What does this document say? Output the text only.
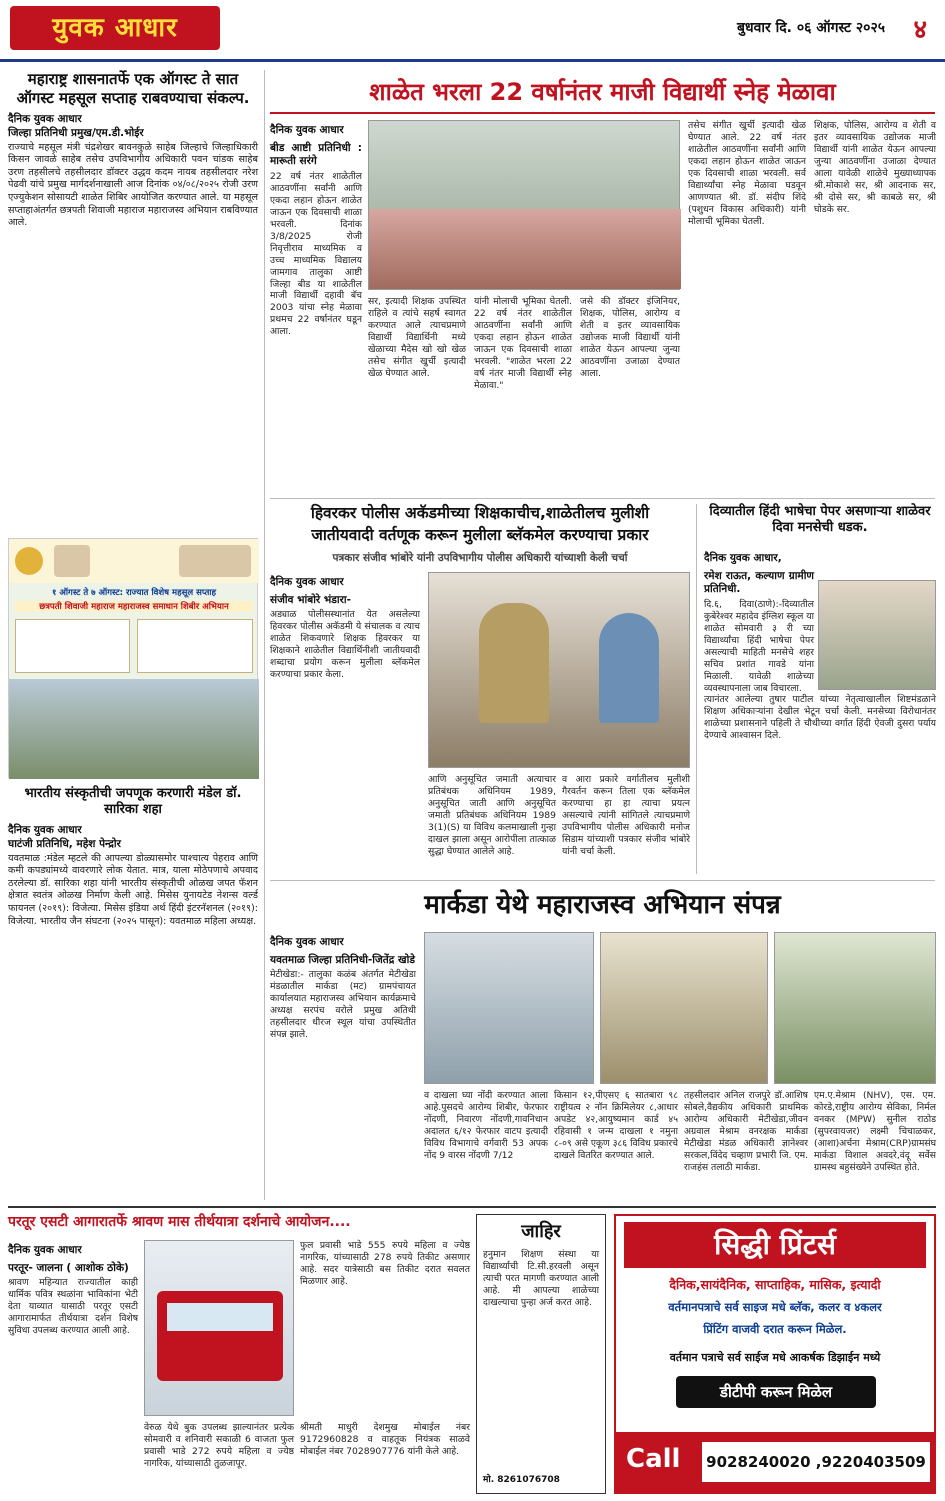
युवक आधार	बुधवार दि. ०६ ऑगस्ट २०२५ ४
महाराष्ट्र शासनातर्फे एक ऑगस्ट ते सात ऑगस्ट महसूल सप्ताह राबवण्याचा संकल्प.
दैनिक युवक आधार
जिल्हा प्रतिनिधी प्रमुख/एम.डी.भोईर
राज्याचे महसूल मंत्री चंद्रशेखर बावनकुळे साहेब जिल्हाचे जिल्हाधिकारी किसन जावळे साहेब तसेच उपविभागीय अधिकारी पवन चांडक साहेब उरण तहसीलचे तहसीलदार डॉक्टर उद्धव कदम नायब तहसीलदार नरेश पेढवी यांचे प्रमुख मार्गदर्शनाखाली आज दिनांक ०४/०८/२०२५ रोजी उरण एज्युकेशन सोसायटी शाळेत शिबिर आयोजित करण्यात आले. या महसूल सप्ताहाअंतर्गत छत्रपती शिवाजी महाराज महाराजस्व अभियान राबविण्यात आले.
१ ऑगस्ट ते ७ ऑगस्ट: राज्यात विशेष महसूल सप्ताह
छत्रपती शिवाजी महाराज महाराजस्व समाधान शिबीर अभियान
भारतीय संस्कृतीची जपणूक करणारी मंडेल डॉ. सारिका शहा
दैनिक युवक आधार
घाटंजी प्रतिनिधि, महेश पेन्द्रोर
यवतमाळ :मंडेल म्हटले की आपल्या डोळ्यासमोर पाश्चात्य पेहराव आणि कमी कपड्यांमध्ये वावरणारे लोक येतात. मात्र, याला मोठेपणाचे अपवाद ठरलेल्या डॉ. सारिका शहा यांनी भारतीय संस्कृतीची ओळख जपत फॅशन क्षेत्रात स्वतंत्र ओळख निर्माण केली आहे. मिसेस युनायटेड नेशन्स वर्ल्ड फायनल (२०१९): विजेत्या. मिसेस इंडिया अर्थ हिंदी इंटरनॅशनल (२०१९): विजेत्या. भारतीय जैन संघटना (२०२५ पासून): यवतमाळ महिला अध्यक्ष.
शाळेत भरला 22 वर्षानंतर माजी विद्यार्थी स्नेह मेळावा
दैनिक युवक आधार
बीड आष्टी प्रतिनिधी : मारूती सरंगे
22 वर्ष नंतर शाळेतील आठवणींना सर्वांनी आणि एकदा लहान होऊन शाळेत जाऊन एक दिवसाची शाळा भरवली. दिनांक 3/8/2025 रोजी निवृत्तीराव माध्यमिक व उच्च माध्यमिक विद्यालय जामगाव तालुका आष्टी जिल्हा बीड या शाळेतील माजी विद्यार्थी दहावी बॅच 2003 यांचा स्नेह मेळावा प्रथमच 22 वर्षानंतर घडून आला.
सर, इत्यादी शिक्षक उपस्थित राहिले व त्यांचे सहर्ष स्वागत करण्यात आले त्याचप्रमाणे विद्यार्थी विद्यार्थिनी मध्ये खेळाच्या मैदेस खो खो खेळ तसेच संगीत खुर्ची इत्यादी खेळ घेण्यात आले.
यांनी मोलाची भूमिका घेतली. 22 वर्ष नंतर शाळेतील आठवणींना सर्वांनी आणि एकदा लहान होऊन शाळेत जाऊन एक दिवसाची शाळा भरवली. "शाळेत भरला 22 वर्ष नंतर माजी विद्यार्थी स्नेह मेळावा."
जसे की डॉक्टर इंजिनियर, शिक्षक, पोलिस, आरोग्य व शेती व इतर व्यावसायिक उद्योजक माजी विद्यार्थी यांनी शाळेत येऊन आपल्या जुन्या आठवणींना उजाळा देण्यात आला.
तसेच संगीत खुर्ची इत्यादी खेळ घेण्यात आले. 22 वर्ष नंतर शाळेतील आठवणींना सर्वांनी आणि एकदा लहान होऊन शाळेत जाऊन एक दिवसाची शाळा भरवली. सर्व विद्यार्थ्यांचा स्नेह मेळावा घडवून आणण्यात श्री. डॉ. संदीप शिंदे (पशुधन विकास अधिकारी) यांनी मोलाची भूमिका घेतली.
शिक्षक, पोलिस, आरोग्य व शेती व इतर व्यावसायिक उद्योजक माजी विद्यार्थी यांनी शाळेत येऊन आपल्या जुन्या आठवणींना उजाळा देण्यात आला यावेळी शाळेचे मुख्याध्यापक श्री.मोकाशे सर, श्री आदनाक सर, श्री दोसे सर, श्री काबळे सर, श्री घोडके सर.
हिवरकर पोलीस अकॅडमीच्या शिक्षकाचीच,शाळेतीलच मुलीशी
जातीयवादी वर्तणूक करून मुलीला ब्लॅकमेल करण्याचा प्रकार
पत्रकार संजीव भांबोरे यांनी उपविभागीय पोलीस अधिकारी यांच्याशी केली चर्चा
दैनिक युवक आधार
संजीव भांबोरे भंडारा-
अड्याळ पोलीसस्थानांत येत असलेल्या हिवरकर पोलीस अकॅडमी ये संचालक व त्याच शाळेत शिकवणारे शिक्षक हिवरकर या शिक्षकाने शाळेतील विद्यार्थिनीशी जातीयवादी शब्दाचा प्रयोग करून मुलीला ब्लॅकमेल करण्याचा प्रकार केला.
आणि अनुसूचित जमाती अत्याचार प्रतिबंधक अधिनियम 1989, अनुसूचित जाती आणि अनुसूचित जमाती प्रतिबंधक अधिनियम 1989 3(1)(S) या विविध कलमाखाली गुन्हा दाखल झाला असून आरोपीला तात्काळ सुद्धा घेण्यात आलेले आहे.
व आरा प्रकारे वर्गातीलच मुलीशी गैरवर्तन करून तिला एक ब्लॅकमेल करण्याचा हा हा त्याचा प्रयत्न असल्याचे त्यांनी सांगितले त्याचप्रमाणे उपविभागीय पोलीस अधिकारी मनोज सिडाम यांच्याशी पत्रकार संजीव भांबोरे यांनी चर्चा केली.
दिव्यातील हिंदी भाषेचा पेपर असणाऱ्या शाळेवर दिवा मनसेची धडक.
दैनिक युवक आधार,
रमेश राऊत, कल्याण ग्रामीण प्रतिनिधी.
दि.६, दिवा(ठाणे):-दिव्यातील कुबेरेश्वर महादेव इंग्लिश स्कूल या शाळेत सोमवारी ३ री च्या विद्यार्थ्यांचा हिंदी भाषेचा पेपर असल्याची माहिती मनसेचे शहर सचिव प्रशांत गावडे यांना मिळाली. यावेळी शाळेच्या व्यवस्थापनाला जाब विचारला.
त्यानंतर आलेल्या तुषार पाटील यांच्या नेतृत्वाखालील शिष्टमंडळाने शिक्षण अधिकाऱ्यांना देखील भेटून चर्चा केली. मनसेच्या विरोधानंतर शाळेच्या प्रशासनाने पहिली ते चौथीच्या वर्गात हिंदी ऐवजी दुसरा पर्याय देण्याचे आश्वासन दिले.
मार्कडा येथे महाराजस्व अभियान संपन्न
दैनिक युवक आधार
यवतमाळ जिल्हा प्रतिनिधी-जितेंद्र खोडे
मेटीखेडा:- तालुका कळंब अंतर्गत मेटीखेडा मंडळातील मार्कडा (मट) ग्रामपंचायत कार्यालयात महाराजस्व अभियान कार्यक्रमाचे अध्यक्ष सरपंच वरोले प्रमुख अतिथी तहसीलदार धीरज स्थूल यांचा उपस्थितीत संपन्न झाले.
व दाखला घ्या नोंदी करण्यात आला आहे.पुसदचे आरोग्य शिबीर, फेरफार नोंदणी, निवारण नोंदणी,गावनिधान अदालत ६/१२ फेरफार वाटप इत्यादी विविध विभागाचे वर्गवारी 53 अपक नोंद 9 वारस नोंदणी 7/12
किसान १२,पीएसए ६ सातबारा ९८ राष्ट्रीयत्व २ नॉन क्रिमिलेयर ८,आधार अपडेट ४२,आयुष्यमान कार्ड ४५ रहिवासी १ जन्म दाखला १ नमुना ८-०९ असे एकूण ३८६ विविध प्रकारचे दाखले वितरित करण्यात आले.
तहसीलदार अनिल राजपुरे डॉ.आशिष सोबले,वैद्यकीय अधिकारी प्राथमिक आरोग्य अधिकारी मेटीखेडा,जीवन अग्रवाल मेश्राम वनरक्षक मार्कडा मेटीखेडा मंडळ अधिकारी ज्ञानेश्वर सरकल,विंदेद चव्हाण प्रभारी जि. एम. राजहंस तलाठी मार्कडा.
एम.ए.मेश्राम (NHV), एस. एम. कोरडे,राष्ट्रीय आरोग्य सेविका, निर्मल वनकर (MPW) सुनील राठोड (सुपरवायजर) लक्ष्मी चिचाळकर,(आशा)अर्चना मेश्राम(CRP)ग्रामसंघ मार्कडा विशाल अवदरे,वंदू सर्वेस ग्रामस्थ बहुसंख्येने उपस्थित होते.
परतूर एसटी आगारातर्फे श्रावण मास तीर्थयात्रा दर्शनाचे आयोजन....
दैनिक युवक आधार
परतूर- जालना ( आशोक ठोके)
श्रावण महिन्यात राज्यातील काही धार्मिक पवित्र स्थळांना भाविकांना भेटी देता याव्यात यासाठी परतूर एसटी आगारामार्फत तीर्थयात्रा दर्शन विशेष सुविधा उपलब्ध करण्यात आली आहे.
फुल प्रवासी भाडे 555 रुपये महिला व ज्येष्ठ नागरिक, यांच्यासाठी 278 रुपये तिकीट असणार आहे. सदर यात्रेसाठी बस तिकीट दरात सवलत मिळणार आहे.
वेरुळ येथे बुक उपलब्ध झाल्यानंतर प्रत्येक सोमवारी व शनिवारी सकाळी 6 वाजता फुल प्रवासी भाडे 272 रुपये महिला व ज्येष्ठ नागरिक, यांच्यासाठी तुळजापूर.
श्रीमती माधुरी देशमुख मोबाईल नंबर 9172960828 व वाहतूक नियंत्रक साळवे मोबाईल नंबर 7028907776 यांनी केले आहे.
जाहिर
हनुमान शिक्षण संस्था या विद्यार्थ्याची टि.सी.हरवली असून त्याची परत मागणी करण्यात आली आहे. मी आपल्या शाळेच्या दाखल्याचा पुन्हा अर्ज करत आहे.
मो. 8261076708
सिद्धी प्रिंटर्स
दैनिक,सायंदैनिक, साप्ताहिक, मासिक, इत्यादी
वर्तमानपत्राचे सर्व साइज मधे ब्लॅक, कलर व ४कलर
प्रिंटिंग वाजवी दरात करून मिळेल.
वर्तमान पत्राचे सर्व साईज मधे आकर्षक डिझाईन मध्ये
डीटीपी करून मिळेल
Call 9028240020 ,9220403509
